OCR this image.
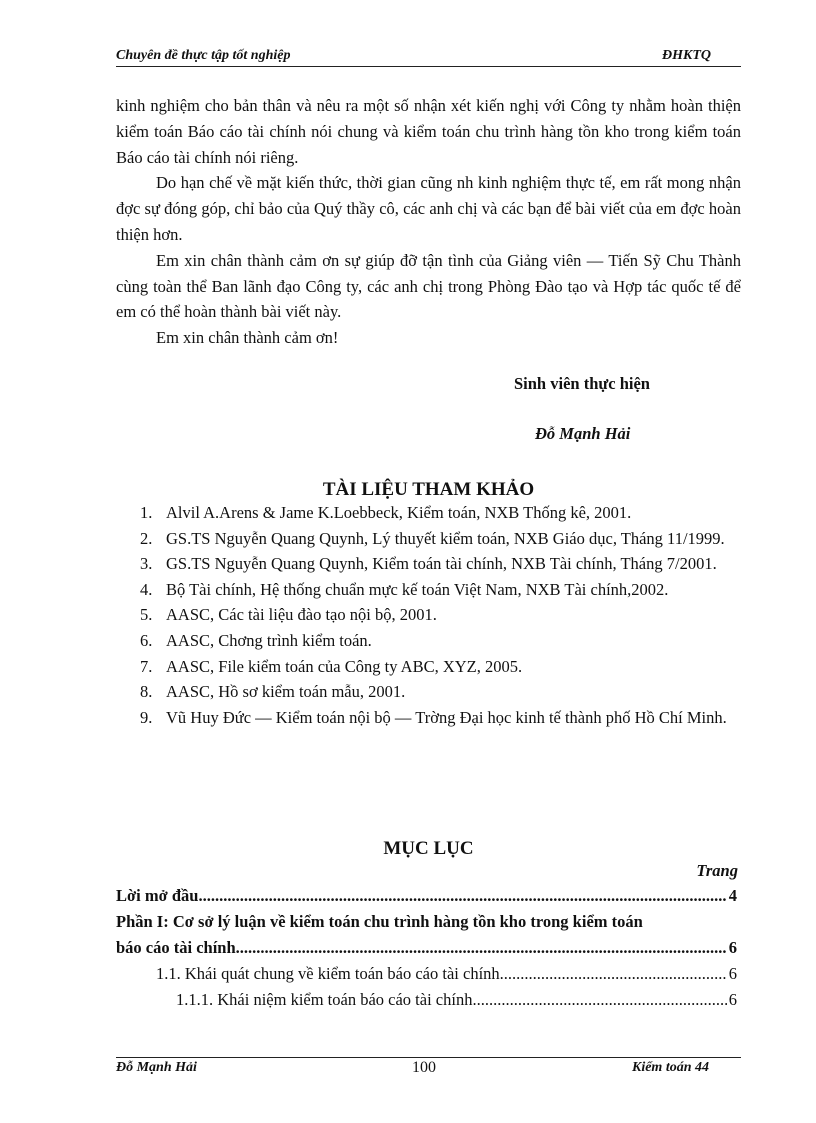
Chuyên đề thực tập tốt nghiệp	ĐHKTQ

kinh nghiệm cho bản thân và nêu ra một số nhận xét kiến nghị với Công ty nhằm hoàn thiện kiểm toán Báo cáo tài chính nói chung và kiểm toán chu trình hàng tồn kho trong kiểm toán Báo cáo tài chính nói riêng.

Do hạn chế về mặt kiến thức, thời gian cũng nh kinh nghiệm thực tế, em rất mong nhận đợc sự đóng góp, chỉ bảo của Quý thầy cô, các anh chị và các bạn để bài viết của em đợc hoàn thiện hơn.

Em xin chân thành cảm ơn sự giúp đỡ tận tình của Giảng viên — Tiến Sỹ Chu Thành cùng toàn thể Ban lãnh đạo Công ty, các anh chị trong Phòng Đào tạo và Hợp tác quốc tế để em có thể hoàn thành bài viết này.

Em xin chân thành cảm ơn!

Sinh viên thực hiện
Đỗ Mạnh Hải
TÀI LIỆU THAM KHẢO
1. Alvil A.Arens & Jame K.Loebbeck, Kiểm toán, NXB Thống kê, 2001.
2. GS.TS Nguyễn Quang Quynh, Lý thuyết kiểm toán, NXB Giáo dục, Tháng 11/1999.
3. GS.TS Nguyễn Quang Quynh, Kiểm toán tài chính, NXB Tài chính, Tháng 7/2001.
4. Bộ Tài chính, Hệ thống chuẩn mực kế toán Việt Nam, NXB Tài chính,2002.
5. AASC, Các tài liệu đào tạo nội bộ, 2001.
6. AASC, Chơng trình kiểm toán.
7. AASC, File kiểm toán của Công ty ABC, XYZ, 2005.
8. AASC, Hồ sơ kiểm toán mẫu, 2001.
9. Vũ Huy Đức — Kiểm toán nội bộ — Trờng Đại học kinh tế thành phố Hồ Chí Minh.
MỤC LỤC
Trang
Lời mở đầu .....	4
Phần I: Cơ sở lý luận về kiểm toán chu trình hàng tồn kho trong kiểm toán
báo cáo tài chính .....	6
1.1. Khái quát chung về kiểm toán báo cáo tài chính .....	6
1.1.1. Khái niệm kiểm toán báo cáo tài chính .....	6
Đỗ Mạnh Hải	100	Kiểm toán 44
